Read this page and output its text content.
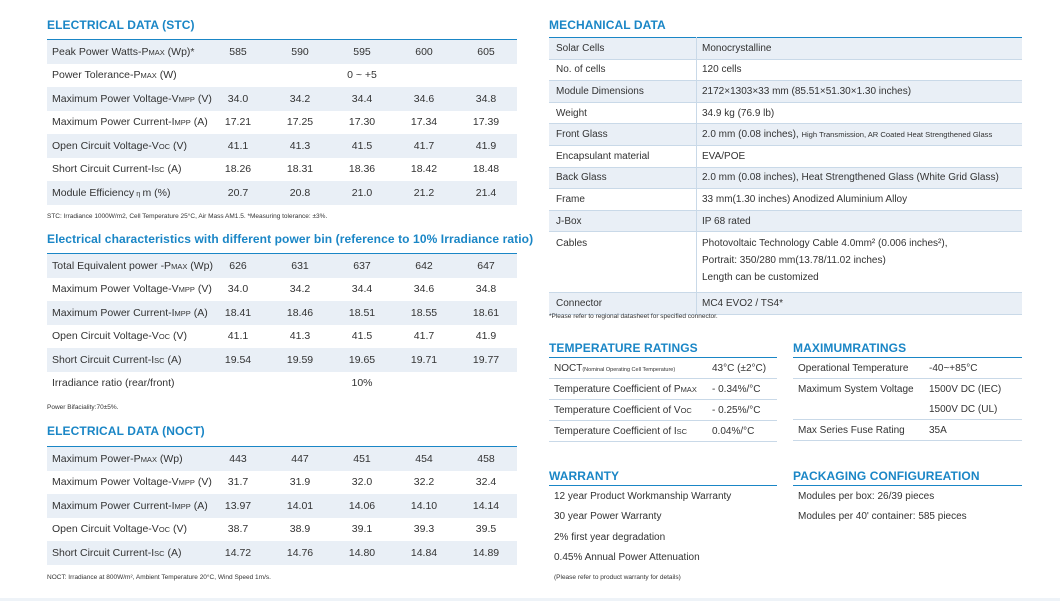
ELECTRICAL DATA (STC)
Peak Power Watts-PMAX (Wp)*	585	590	595	600	605
Power Tolerance-PMAX (W)	0 ~ +5				
Maximum Power Voltage-VMPP (V)	34.0	34.2	34.4	34.6	34.8
Maximum Power Current-IMPP (A)	17.21	17.25	17.30	17.34	17.39
Open Circuit Voltage-VOC (V)	41.1	41.3	41.5	41.7	41.9
Short Circuit Current-ISC (A)	18.26	18.31	18.36	18.42	18.48
Module Efficiency η m (%)	20.7	20.8	21.0	21.2	21.4
STC: Irradiance 1000W/m2, Cell Temperature 25°C, Air Mass AM1.5. *Measuring tolerance: ±3%.
Electrical characteristics with different power bin (reference to 10% Irradiance ratio)
Total Equivalent power -PMAX (Wp)	626	631	637	642	647
Maximum Power Voltage-VMPP (V)	34.0	34.2	34.4	34.6	34.8
Maximum Power Current-IMPP (A)	18.41	18.46	18.51	18.55	18.61
Open Circuit Voltage-VOC (V)	41.1	41.3	41.5	41.7	41.9
Short Circuit Current-ISC (A)	19.54	19.59	19.65	19.71	19.77
Irradiance ratio (rear/front)	10%				
Power Bifaciality:70±5%.
ELECTRICAL DATA (NOCT)
Maximum Power-PMAX (Wp)	443	447	451	454	458
Maximum Power Voltage-VMPP (V)	31.7	31.9	32.0	32.2	32.4
Maximum Power Current-IMPP (A)	13.97	14.01	14.06	14.10	14.14
Open Circuit Voltage-VOC (V)	38.7	38.9	39.1	39.3	39.5
Short Circuit Current-ISC (A)	14.72	14.76	14.80	14.84	14.89
NOCT: Irradiance at 800W/m², Ambient Temperature 20°C, Wind Speed 1m/s.
MECHANICAL DATA
Solar Cells	Monocrystalline
No. of cells	120 cells
Module Dimensions	2172×1303×33 mm (85.51×51.30×1.30 inches)
Weight	34.9 kg (76.9 lb)
Front Glass	2.0 mm (0.08 inches), High Transmission, AR Coated Heat Strengthened Glass
Encapsulant material	EVA/POE
Back Glass	2.0 mm (0.08 inches), Heat Strengthened Glass (White Grid Glass)
Frame	33 mm(1.30 inches) Anodized Aluminium Alloy
J-Box	IP 68 rated
Cables	Photovoltaic Technology Cable 4.0mm² (0.006 inches²),
Portrait: 350/280 mm(13.78/11.02 inches)
Length can be customized

Connector	MC4 EVO2 / TS4*
*Please refer to regional datasheet for specified connector.
TEMPERATURE RATINGS
NOCT(Nominal Operating Cell Temperature)	43°C (±2°C)
Temperature Coefficient of PMAX	- 0.34%/°C
Temperature Coefficient of VOC	- 0.25%/°C
Temperature Coefficient of ISC	0.04%/°C
MAXIMUMRATINGS
Operational Temperature	-40~+85°C
Maximum System Voltage	1500V DC (IEC)
	1500V DC (UL)
Max Series Fuse Rating	35A
WARRANTY
12 year Product Workmanship Warranty
30 year Power Warranty
2% first year degradation
0.45% Annual Power Attenuation
(Please refer to product warranty for details)
PACKAGING CONFIGUREATION
Modules per box: 26/39 pieces
Modules per 40' container: 585 pieces
